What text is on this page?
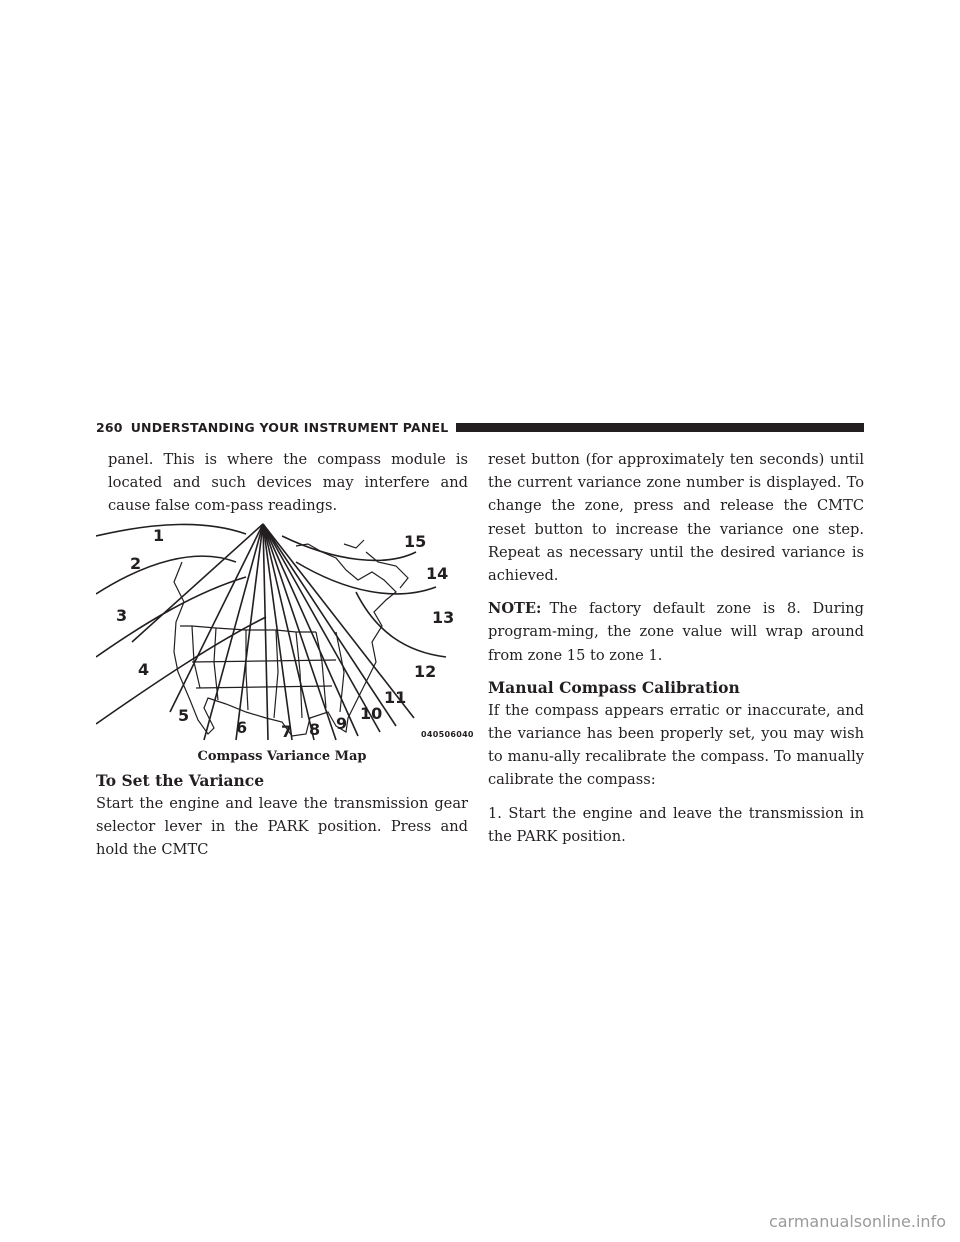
260 UNDERSTANDING YOUR INSTRUMENT PANEL

panel. This is where the compass module is located and such devices may interfere and cause false com-pass readings.

1
2
3
4
5
6 7 8 9
10
11
12
13
14
15
040506040
Compass Variance Map
To Set the Variance

Start the engine and leave the transmission gear selector lever in the PARK position. Press and hold the CMTC

reset button (for approximately ten seconds) until the current variance zone number is displayed. To change the zone, press and release the CMTC reset button to increase the variance one step. Repeat as necessary until the desired variance is achieved.

NOTE: The factory default zone is 8. During program-ming, the zone value will wrap around from zone 15 to zone 1.

Manual Compass Calibration

If the compass appears erratic or inaccurate, and the variance has been properly set, you may wish to manu-ally recalibrate the compass. To manually calibrate the compass:

1. Start the engine and leave the transmission in the PARK position.

carmanualsonline.info
